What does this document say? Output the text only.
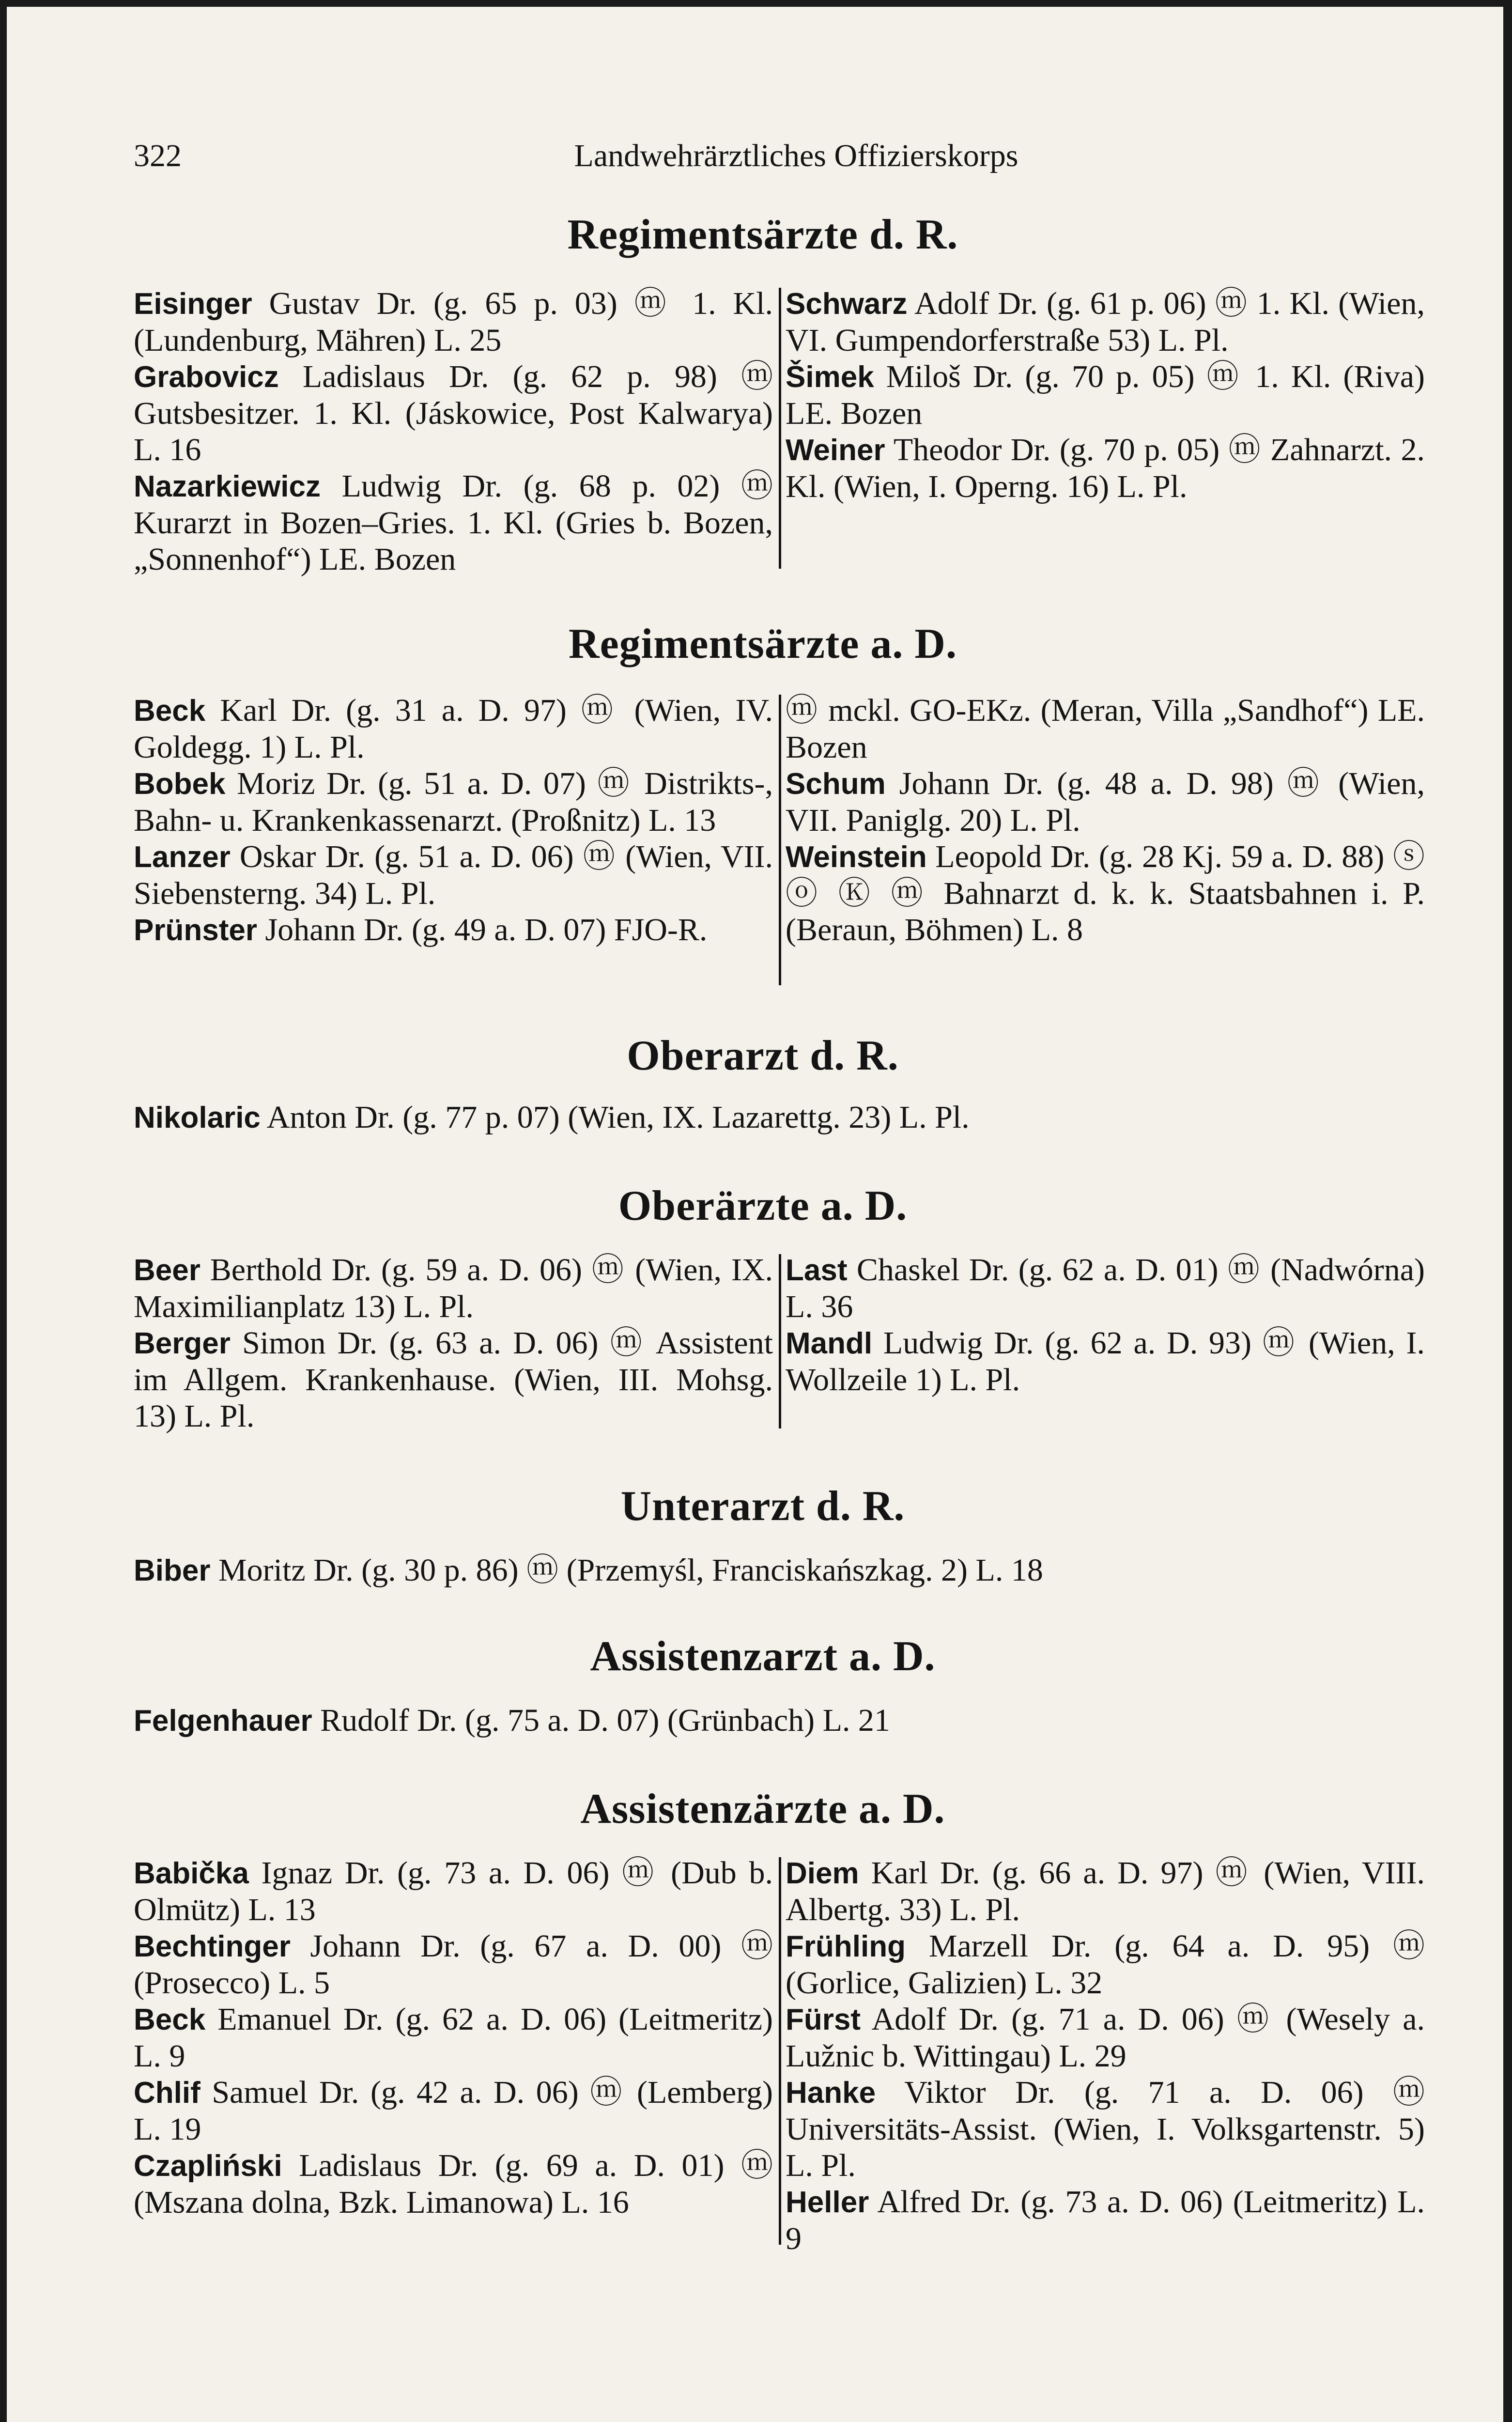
322	Landwehrärztliches Offizierskorps
Regimentsärzte d. R.
Eisinger Gustav Dr. (g. 65 p. 03) ⓜ 1. Kl. (Lundenburg, Mähren) L. 25
Grabovicz Ladislaus Dr. (g. 62 p. 98) ⓜ Gutsbesitzer. 1. Kl. (Jáskowice, Post Kalwarya) L. 16
Nazarkiewicz Ludwig Dr. (g. 68 p. 02) ⓜ Kurarzt in Bozen–Gries. 1. Kl. (Gries b. Bozen, „Sonnenhof“) LE. Bozen
Schwarz Adolf Dr. (g. 61 p. 06) ⓜ 1. Kl. (Wien, VI. Gumpendorferstraße 53) L. Pl.
Šimek Miloš Dr. (g. 70 p. 05) ⓜ 1. Kl. (Riva) LE. Bozen
Weiner Theodor Dr. (g. 70 p. 05) ⓜ Zahnarzt. 2. Kl. (Wien, I. Operng. 16) L. Pl.
Regimentsärzte a. D.
Beck Karl Dr. (g. 31 a. D. 97) ⓜ (Wien, IV. Goldegg. 1) L. Pl.
Bobek Moriz Dr. (g. 51 a. D. 07) ⓜ Distrikts-, Bahn- u. Krankenkassenarzt. (Proßnitz) L. 13
Lanzer Oskar Dr. (g. 51 a. D. 06) ⓜ (Wien, VII. Siebensterng. 34) L. Pl.
Prünster Johann Dr. (g. 49 a. D. 07) FJO-R.
ⓜ mckl. GO-EKz. (Meran, Villa „Sandhof“) LE. Bozen
Schum Johann Dr. (g. 48 a. D. 98) ⓜ (Wien, VII. Paniglg. 20) L. Pl.
Weinstein Leopold Dr. (g. 28 Kj. 59 a. D. 88) ⓢ ⓞ Ⓚ ⓜ Bahnarzt d. k. k. Staatsbahnen i. P. (Beraun, Böhmen) L. 8
Oberarzt d. R.
Nikolaric Anton Dr. (g. 77 p. 07) (Wien, IX. Lazarettg. 23) L. Pl.
Oberärzte a. D.
Beer Berthold Dr. (g. 59 a. D. 06) ⓜ (Wien, IX. Maximilianplatz 13) L. Pl.
Berger Simon Dr. (g. 63 a. D. 06) ⓜ Assistent im Allgem. Krankenhause. (Wien, III. Mohsg. 13) L. Pl.
Last Chaskel Dr. (g. 62 a. D. 01) ⓜ (Nadwórna) L. 36
Mandl Ludwig Dr. (g. 62 a. D. 93) ⓜ (Wien, I. Wollzeile 1) L. Pl.
Unterarzt d. R.
Biber Moritz Dr. (g. 30 p. 86) ⓜ (Przemyśl, Franciskańszkag. 2) L. 18
Assistenzarzt a. D.
Felgenhauer Rudolf Dr. (g. 75 a. D. 07) (Grünbach) L. 21
Assistenzärzte a. D.
Babička Ignaz Dr. (g. 73 a. D. 06) ⓜ (Dub b. Olmütz) L. 13
Bechtinger Johann Dr. (g. 67 a. D. 00) ⓜ (Prosecco) L. 5
Beck Emanuel Dr. (g. 62 a. D. 06) (Leitmeritz) L. 9
Chlif Samuel Dr. (g. 42 a. D. 06) ⓜ (Lemberg) L. 19
Czapliński Ladislaus Dr. (g. 69 a. D. 01) ⓜ (Mszana dolna, Bzk. Limanowa) L. 16
Diem Karl Dr. (g. 66 a. D. 97) ⓜ (Wien, VIII. Albertg. 33) L. Pl.
Frühling Marzell Dr. (g. 64 a. D. 95) ⓜ (Gorlice, Galizien) L. 32
Fürst Adolf Dr. (g. 71 a. D. 06) ⓜ (Wesely a. Lužnic b. Wittingau) L. 29
Hanke Viktor Dr. (g. 71 a. D. 06) ⓜ Universitäts-Assist. (Wien, I. Volksgartenstr. 5) L. Pl.
Heller Alfred Dr. (g. 73 a. D. 06) (Leitmeritz) L. 9
